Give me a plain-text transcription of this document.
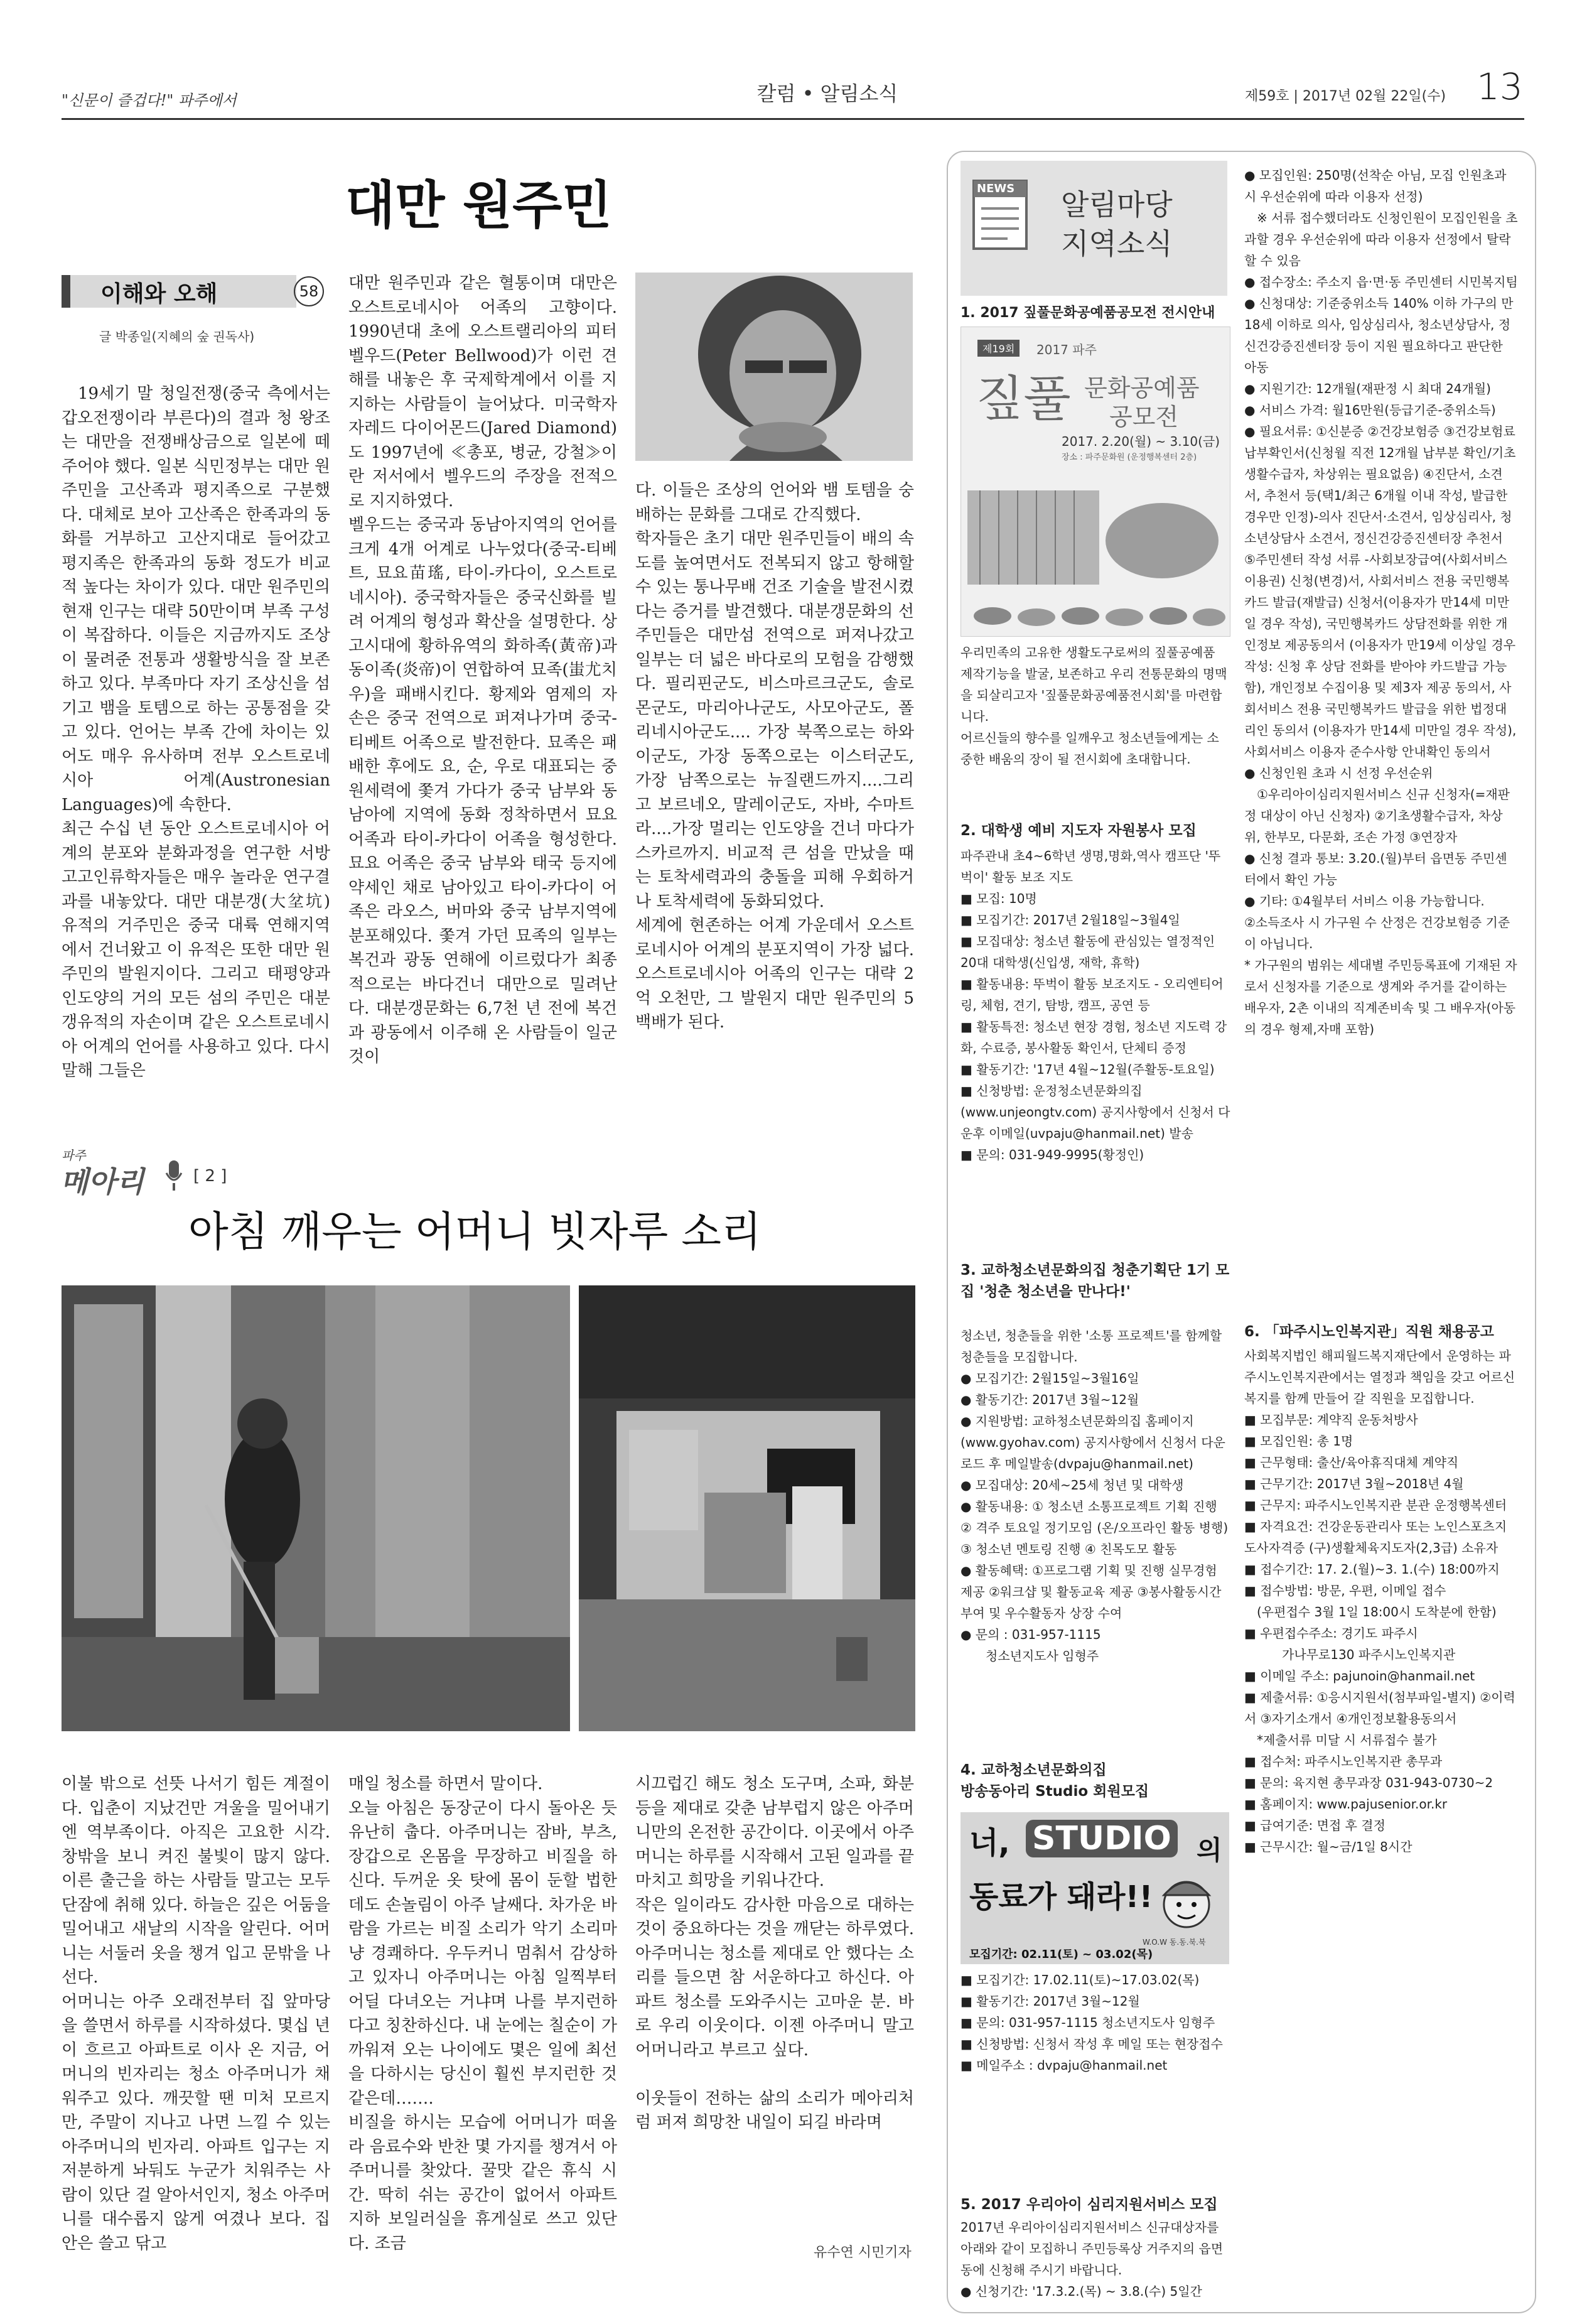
"신문이 즐겁다!" 파주에서	칼럼 • 알림소식	제59호 | 2017년 02월 22일(수) 13
대만 원주민
이해와 오해	58
글 박종일(지혜의 숲 권독사)
19세기 말 청일전쟁(중국 측에서는 갑오전쟁이라 부른다)의 결과 청 왕조는 대만을 전쟁배상금으로 일본에 떼주어야 했다. 일본 식민정부는 대만 원주민을 고산족과 평지족으로 구분했다. 대체로 보아 고산족은 한족과의 동화를 거부하고 고산지대로 들어갔고 평지족은 한족과의 동화 정도가 비교적 높다는 차이가 있다. 대만 원주민의 현재 인구는 대략 50만이며 부족 구성이 복잡하다. 이들은 지금까지도 조상이 물려준 전통과 생활방식을 잘 보존하고 있다. 부족마다 자기 조상신을 섬기고 뱀을 토템으로 하는 공통점을 갖고 있다. 언어는 부족 간에 차이는 있어도 매우 유사하며 전부 오스트로네시아 어계(Austronesian Languages)에 속한다.
최근 수십 년 동안 오스트로네시아 어계의 분포와 분화과정을 연구한 서방 고고인류학자들은 매우 놀라운 연구결과를 내놓았다. 대만 대분갱(大坌坑)유적의 거주민은 중국 대륙 연해지역에서 건너왔고 이 유적은 또한 대만 원주민의 발원지이다. 그리고 태평양과 인도양의 거의 모든 섬의 주민은 대분갱유적의 자손이며 같은 오스트로네시아 어계의 언어를 사용하고 있다. 다시 말해 그들은
대만 원주민과 같은 혈통이며 대만은 오스트로네시아 어족의 고향이다. 1990년대 초에 오스트랠리아의 피터 벨우드(Peter Bellwood)가 이런 견해를 내놓은 후 국제학계에서 이를 지지하는 사람들이 늘어났다. 미국학자 자레드 다이어몬드(Jared Diamond)도 1997년에 ≪총포, 병균, 강철≫이란 저서에서 벨우드의 주장을 전적으로 지지하였다.
벨우드는 중국과 동남아지역의 언어를 크게 4개 어계로 나누었다(중국-티베트, 묘요苗瑤, 타이-카다이, 오스트로네시아). 중국학자들은 중국신화를 빌려 어계의 형성과 확산을 설명한다. 상고시대에 황하유역의 화하족(黃帝)과 동이족(炎帝)이 연합하여 묘족(蚩尤치우)을 패배시킨다. 황제와 염제의 자손은 중국 전역으로 퍼져나가며 중국-티베트 어족으로 발전한다. 묘족은 패배한 후에도 요, 순, 우로 대표되는 중원세력에 쫓겨 가다가 중국 남부와 동남아에 지역에 동화 정착하면서 묘요어족과 타이-카다이 어족을 형성한다. 묘요 어족은 중국 남부와 태국 등지에 약세인 채로 남아있고 타이-카다이 어족은 라오스, 버마와 중국 남부지역에 분포해있다. 쫓겨 가던 묘족의 일부는 복건과 광동 연해에 이르렀다가 최종적으로는 바다건너 대만으로 밀려난다. 대분갱문화는 6,7천 년 전에 복건과 광동에서 이주해 온 사람들이 일군 것이
다. 이들은 조상의 언어와 뱀 토템을 숭배하는 문화를 그대로 간직했다.
학자들은 초기 대만 원주민들이 배의 속도를 높여면서도 전복되지 않고 항해할 수 있는 통나무배 건조 기술을 발전시켰다는 증거를 발견했다. 대분갱문화의 선주민들은 대만섬 전역으로 퍼져나갔고 일부는 더 넓은 바다로의 모험을 감행했다. 필리핀군도, 비스마르크군도, 솔로몬군도, 마리아나군도, 사모아군도, 폴리네시아군도.... 가장 북쪽으로는 하와이군도, 가장 동쪽으로는 이스터군도, 가장 남쪽으로는 뉴질랜드까지....그리고 보르네오, 말레이군도, 자바, 수마트라....가장 멀리는 인도양을 건너 마다가스카르까지. 비교적 큰 섬을 만났을 때는 토착세력과의 충돌을 피해 우회하거나 토착세력에 동화되었다.
세계에 현존하는 어계 가운데서 오스트로네시아 어계의 분포지역이 가장 넓다. 오스트로네시아 어족의 인구는 대략 2억 오천만, 그 발원지 대만 원주민의 5백배가 된다.
파주
메아리	[ 2 ]
아침 깨우는 어머니 빗자루 소리
이불 밖으로 선뜻 나서기 힘든 계절이다. 입춘이 지났건만 겨울을 밀어내기엔 역부족이다. 아직은 고요한 시각. 창밖을 보니 켜진 불빛이 많지 않다. 이른 출근을 하는 사람들 말고는 모두 단잠에 취해 있다. 하늘은 깊은 어둠을 밀어내고 새날의 시작을 알린다. 어머니는 서둘러 옷을 챙겨 입고 문밖을 나선다.
어머니는 아주 오래전부터 집 앞마당을 쓸면서 하루를 시작하셨다. 몇십 년이 흐르고 아파트로 이사 온 지금, 어머니의 빈자리는 청소 아주머니가 채워주고 있다. 깨끗할 땐 미처 모르지만, 주말이 지나고 나면 느낄 수 있는 아주머니의 빈자리. 아파트 입구는 지저분하게 놔둬도 누군가 치워주는 사람이 있단 걸 알아서인지, 청소 아주머니를 대수롭지 않게 여겼나 보다. 집 안은 쓸고 닦고
매일 청소를 하면서 말이다.
오늘 아침은 동장군이 다시 돌아온 듯 유난히 춥다. 아주머니는 잠바, 부츠, 장갑으로 온몸을 무장하고 비질을 하신다. 두꺼운 옷 탓에 몸이 둔할 법한데도 손놀림이 아주 날쌔다. 차가운 바람을 가르는 비질 소리가 악기 소리마냥 경쾌하다. 우두커니 멈춰서 감상하고 있자니 아주머니는 아침 일찍부터 어딜 다녀오는 거냐며 나를 부지런하다고 칭찬하신다. 내 눈에는 칠순이 가까워져 오는 나이에도 몇은 일에 최선을 다하시는 당신이 훨씬 부지런한 것 같은데…….
비질을 하시는 모습에 어머니가 떠올라 음료수와 반찬 몇 가지를 챙겨서 아주머니를 찾았다. 꿀맛 같은 휴식 시간. 딱히 쉬는 공간이 없어서 아파트 지하 보일러실을 휴게실로 쓰고 있단다. 조금
시끄럽긴 해도 청소 도구며, 소파, 화분 등을 제대로 갖춘 남부럽지 않은 아주머니만의 온전한 공간이다. 이곳에서 아주머니는 하루를 시작해서 고된 일과를 끝마치고 희망을 키워나간다.
작은 일이라도 감사한 마음으로 대하는 것이 중요하다는 것을 깨닫는 하루였다. 아주머니는 청소를 제대로 안 했다는 소리를 들으면 참 서운하다고 하신다. 아파트 청소를 도와주시는 고마운 분. 바로 우리 이웃이다. 이젠 아주머니 말고 어머니라고 부르고 싶다.

이웃들이 전하는 삶의 소리가 메아리처럼 퍼져 희망찬 내일이 되길 바라며
유수연 시민기자
NEWS 알림마당
지역소식
1. 2017 짚풀문화공예품공모전 전시안내
제19회	2017 파주
짚풀 문화공예품
공모전
2017. 2.20(월) ~ 3.10(금)
장소 : 파주문화원 (운정행복센터 2층)
우리민족의 고유한 생활도구로써의 짚풀공예품 제작기능을 발굴, 보존하고 우리 전통문화의 명맥을 되살리고자 '짚풀문화공예품전시회'를 마련합니다.
어르신들의 향수를 일깨우고 청소년들에게는 소중한 배움의 장이 될 전시회에 초대합니다.
2. 대학생 예비 지도자 자원봉사 모집
파주관내 초4~6학년 생명,명화,역사 캠프단 '뚜벅이' 활동 보조 지도
■ 모집: 10명
■ 모집기간: 2017년 2월18일~3월4일
■ 모집대상: 청소년 활동에 관심있는 열정적인 20대 대학생(신입생, 재학, 휴학)
■ 활동내용: 뚜벅이 활동 보조지도 - 오리엔티어링, 체험, 견기, 탐방, 캠프, 공연 등
■ 활동특전: 청소년 현장 경험, 청소년 지도력 강화, 수료증, 봉사활동 확인서, 단체티 증정
■ 활동기간: '17년 4월~12월(주활동-토요일)
■ 신청방법: 운정청소년문화의집 (www.unjeongtv.com) 공지사항에서 신청서 다운후 이메일(uvpaju@hanmail.net) 발송
■ 문의: 031-949-9995(황정인)
3. 교하청소년문화의집 청춘기획단 1기 모집 '청춘 청소년을 만나다!'
청소년, 청춘들을 위한 '소통 프로젝트'를 함께할 청춘들을 모집합니다.
● 모집기간: 2월15일~3월16일
● 활동기간: 2017년 3월~12월
● 지원방법: 교하청소년문화의집 홈페이지(www.gyohav.com) 공지사항에서 신청서 다운로드 후 메일발송(dvpaju@hanmail.net)
● 모집대상: 20세~25세 청년 및 대학생
● 활동내용: ① 청소년 소통프로젝트 기획 진행 ② 격주 토요일 정기모임 (온/오프라인 활동 병행) ③ 청소년 멘토링 진행 ④ 친목도모 활동
● 활동혜택: ①프로그램 기획 및 진행 실무경험 제공 ②워크샵 및 활동교육 제공 ③봉사활동시간 부여 및 우수활동자 상장 수여
● 문의 : 031-957-1115
　　청소년지도사 임형주
4. 교하청소년문화의집
방송동아리 Studio 회원모집
너, STUDIO 의
동료가 돼라!!
W.O.W 동.동.북.북
모집기간: 02.11(토) ~ 03.02(목)
■ 모집기간: 17.02.11(토)~17.03.02(목)
■ 활동기간: 2017년 3월~12월
■ 문의: 031-957-1115 청소년지도사 임형주
■ 신청방법: 신청서 작성 후 메일 또는 현장접수
■ 메일주소 : dvpaju@hanmail.net
5. 2017 우리아이 심리지원서비스 모집
2017년 우리아이심리지원서비스 신규대상자를 아래와 같이 모집하니 주민등록상 거주지의 읍면동에 신청해 주시기 바랍니다.
● 신청기간: '17.3.2.(목) ~ 3.8.(수) 5일간
● 모집인원: 250명(선착순 아님, 모집 인원초과 시 우선순위에 따라 이용자 선정)
　※ 서류 접수했더라도 신청인원이 모집인원을 초과할 경우 우선순위에 따라 이용자 선정에서 탈락할 수 있음
● 접수장소: 주소지 읍·면·동 주민센터 시민복지팀
● 신청대상: 기준중위소득 140% 이하 가구의 만 18세 이하로 의사, 임상심리사, 청소년상담사, 정신건강증진센터장 등이 지원 필요하다고 판단한 아동
● 지원기간: 12개월(재판정 시 최대 24개월)
● 서비스 가격: 월16만원(등급기준-중위소득)
● 필요서류: ①신분증 ②건강보험증 ③건강보험료 납부확인서(신청월 직전 12개월 납부분 확인/기초생활수급자, 차상위는 필요없음) ④진단서, 소견서, 추천서 등(택1/최근 6개월 이내 작성, 발급한 경우만 인정)-의사 진단서·소견서, 임상심리사, 청소년상담사 소견서, 정신건강증진센터장 추천서 ⑤주민센터 작성 서류 -사회보장급여(사회서비스이용권) 신청(변경)서, 사회서비스 전용 국민행복카드 발급(재발급) 신청서(이용자가 만14세 미만일 경우 작성), 국민행복카드 상담전화를 위한 개인정보 제공동의서 (이용자가 만19세 이상일 경우 작성: 신청 후 상담 전화를 받아야 카드발급 가능함), 개인정보 수집이용 및 제3자 제공 동의서, 사회서비스 전용 국민행복카드 발급을 위한 법정대리인 동의서 (이용자가 만14세 미만일 경우 작성), 사회서비스 이용자 준수사항 안내확인 동의서
● 신청인원 초과 시 선정 우선순위
　①우리아이심리지원서비스 신규 신청자(=재판정 대상이 아닌 신청자) ②기초생활수급자, 차상위, 한부모, 다문화, 조손 가정 ③연장자
● 신청 결과 통보: 3.20.(월)부터 읍면동 주민센터에서 확인 가능
● 기타: ①4월부터 서비스 이용 가능합니다.
②소득조사 시 가구원 수 산정은 건강보험증 기준이 아닙니다.
* 가구원의 범위는 세대별 주민등록표에 기재된 자로서 신청자를 기준으로 생계와 주거를 같이하는 배우자, 2촌 이내의 직계존비속 및 그 배우자(아동의 경우 형제,자매 포함)
6. 「파주시노인복지관」직원 채용공고
사회복지법인 해피월드복지재단에서 운영하는 파주시노인복지관에서는 열정과 책임을 갖고 어르신복지를 함께 만들어 갈 직원을 모집합니다.
■ 모집부문: 계약직 운동처방사
■ 모집인원: 총 1명
■ 근무형태: 출산/육아휴직대체 계약직
■ 근무기간: 2017년 3월~2018년 4월
■ 근무지: 파주시노인복지관 분관 운정행복센터
■ 자격요건: 건강운동관리사 또는 노인스포츠지도사자격증 (구)생활체육지도자(2,3급) 소유자
■ 접수기간: 17. 2.(월)~3. 1.(수) 18:00까지
■ 접수방법: 방문, 우편, 이메일 접수
　(우편접수 3월 1일 18:00시 도착분에 한함)
■ 우편접수주소: 경기도 파주시
　　　가나무로130 파주시노인복지관
■ 이메일 주소: pajunoin@hanmail.net
■ 제출서류: ①응시지원서(첨부파일-별지) ②이력서 ③자기소개서 ④개인정보활용동의서
　*제출서류 미달 시 서류접수 불가
■ 접수처: 파주시노인복지관 총무과
■ 문의: 육지현 총무과장 031-943-0730~2
■ 홈페이지: www.pajusenior.or.kr
■ 급여기준: 면접 후 결정
■ 근무시간: 월~금/1일 8시간
